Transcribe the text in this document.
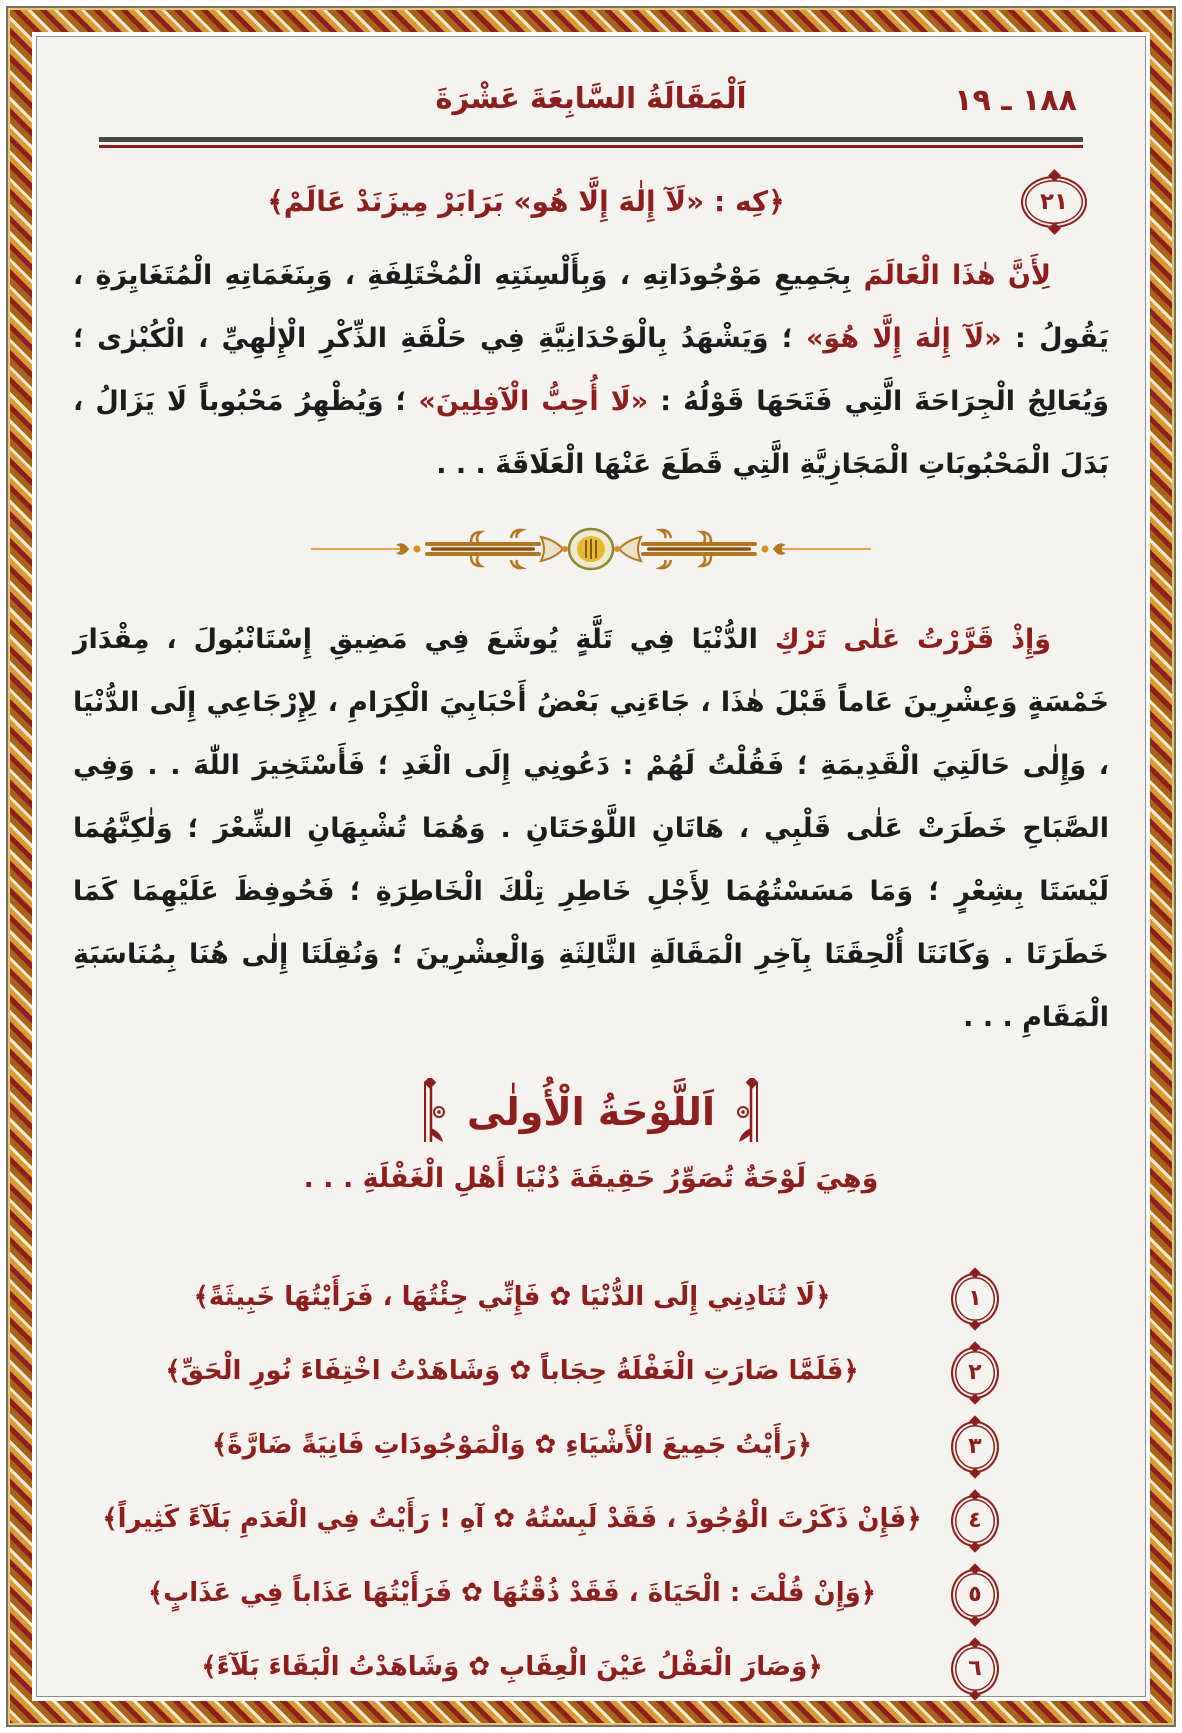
اَلْمَقَالَةُ السَّابِعَةَ عَشْرَةَ	١٨٨ ـ ١٩
﴿كِه : «لَآ إِلٰهَ إِلَّا هُو» بَرَابَرْ مِيزَنَدْ عَالَمْ﴾	٢١

لِأَنَّ هٰذَا الْعَالَمَ بِجَمِيعِ مَوْجُودَاتِهِ ، وَبِأَلْسِنَتِهِ الْمُخْتَلِفَةِ ، وَبِنَغَمَاتِهِ الْمُتَغَايِرَةِ ، يَقُولُ : «لَآ إِلٰهَ إِلَّا هُوَ» ؛ وَيَشْهَدُ بِالْوَحْدَانِيَّةِ فِي حَلْقَةِ الذِّكْرِ الْإِلٰهِيِّ ، الْكُبْرٰى ؛ وَيُعَالِجُ الْجِرَاحَةَ الَّتِي فَتَحَهَا قَوْلُهُ : «لَا أُحِبُّ الْآفِلِينَ» ؛ وَيُظْهِرُ مَحْبُوباً لَا يَزَالُ ، بَدَلَ الْمَحْبُوبَاتِ الْمَجَازِيَّةِ الَّتِي قَطَعَ عَنْهَا الْعَلَاقَةَ . . .

وَإِذْ قَرَّرْتُ عَلٰى تَرْكِ الدُّنْيَا فِي تَلَّةٍ يُوشَعَ فِي مَضِيقِ إِسْتَانْبُولَ ، مِقْدَارَ خَمْسَةٍ وَعِشْرِينَ عَاماً قَبْلَ هٰذَا ، جَاءَنِي بَعْضُ أَحْبَابِيَ الْكِرَامِ ، لِإِرْجَاعِي إِلَى الدُّنْيَا ، وَإِلٰى حَالَتِيَ الْقَدِيمَةِ ؛ فَقُلْتُ لَهُمْ : دَعُونِي إِلَى الْغَدِ ؛ فَأَسْتَخِيرَ اللّٰهَ . . وَفِي الصَّبَاحِ خَطَرَتْ عَلٰى قَلْبِي ، هَاتَانِ اللَّوْحَتَانِ . وَهُمَا تُشْبِهَانِ الشِّعْرَ ؛ وَلٰكِنَّهُمَا لَيْسَتَا بِشِعْرٍ ؛ وَمَا مَسَسْتُهُمَا لِأَجْلِ خَاطِرِ تِلْكَ الْخَاطِرَةِ ؛ فَحُوفِظَ عَلَيْهِمَا كَمَا خَطَرَتَا . وَكَانَتَا أُلْحِقَتَا بِآخِرِ الْمَقَالَةِ الثَّالِثَةِ وَالْعِشْرِينَ ؛ وَنُقِلَتَا إِلٰى هُنَا بِمُنَاسَبَةِ الْمَقَامِ . . .

اَللَّوْحَةُ الْأُولٰى
وَهِيَ لَوْحَةٌ تُصَوِّرُ حَقِيقَةَ دُنْيَا أَهْلِ الْغَفْلَةِ . . .
﴿لَا تُنَادِنِي إِلَى الدُّنْيَا ✿ فَإِنِّي جِئْتُهَا ، فَرَأَيْتُهَا خَبِيثَةً﴾	١
﴿فَلَمَّا صَارَتِ الْغَفْلَةُ حِجَاباً ✿ وَشَاهَدْتُ اخْتِفَاءَ نُورِ الْحَقِّ﴾	٢
﴿رَأَيْتُ جَمِيعَ الْأَشْيَاءِ ✿ وَالْمَوْجُودَاتِ فَانِيَةً ضَارَّةً﴾	٣
﴿فَإِنْ ذَكَرْتَ الْوُجُودَ ، فَقَدْ لَبِسْتُهُ ✿ آهِ ! رَأَيْتُ فِي الْعَدَمِ بَلَآءً كَثِيراً﴾	٤
﴿وَإِنْ قُلْتَ : الْحَيَاةَ ، فَقَدْ ذُقْتُهَا ✿ فَرَأَيْتُهَا عَذَاباً فِي عَذَابٍ﴾	٥
﴿وَصَارَ الْعَقْلُ عَيْنَ الْعِقَابِ ✿ وَشَاهَدْتُ الْبَقَاءَ بَلَآءً﴾	٦
